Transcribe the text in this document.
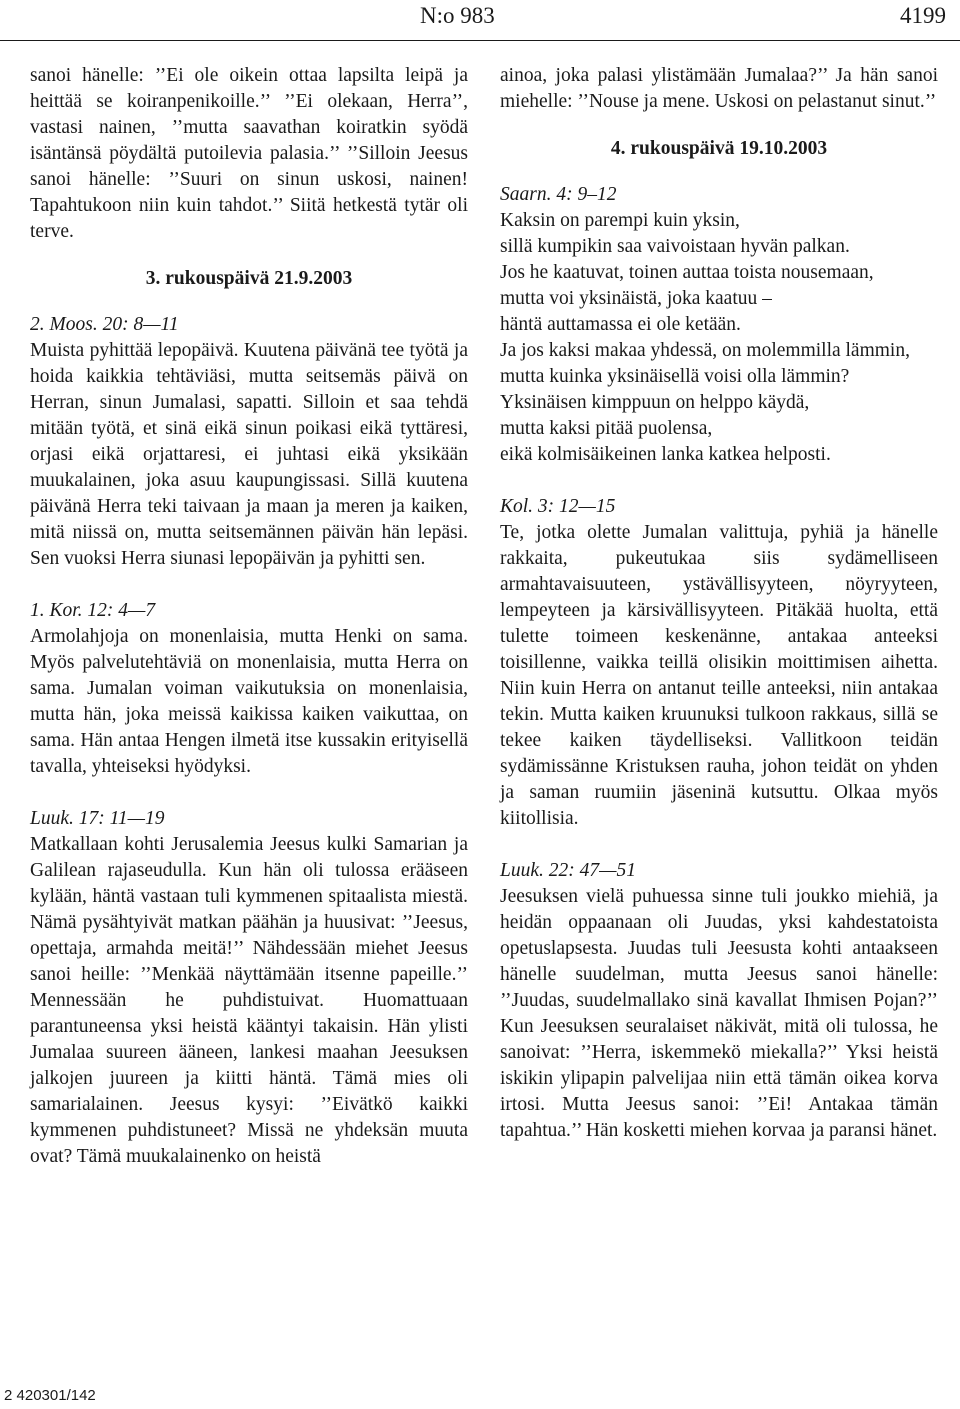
N:o 983	4199

sanoi hänelle: ’’Ei ole oikein ottaa lapsilta leipä ja heittää se koiranpenikoille.’’ ’’Ei olekaan, Herra’’, vastasi nainen, ’’mutta saavathan koiratkin syödä isäntänsä pöydältä putoilevia palasia.’’ ’’Silloin Jeesus sanoi hänelle: ’’Suuri on sinun uskosi, nainen! Tapahtukoon niin kuin tahdot.’’ Siitä hetkestä tytär oli terve.

3. rukouspäivä 21.9.2003

2. Moos. 20: 8—11

Muista pyhittää lepopäivä. Kuutena päivänä tee työtä ja hoida kaikkia tehtäviäsi, mutta seitsemäs päivä on Herran, sinun Jumalasi, sapatti. Silloin et saa tehdä mitään työtä, et sinä eikä sinun poikasi eikä tyttäresi, orjasi eikä orjattaresi, ei juhtasi eikä yksikään muukalainen, joka asuu kaupungissasi. Sillä kuutena päivänä Herra teki taivaan ja maan ja meren ja kaiken, mitä niissä on, mutta seitsemännen päivän hän lepäsi. Sen vuoksi Herra siunasi lepopäivän ja pyhitti sen.

1. Kor. 12: 4—7

Armolahjoja on monenlaisia, mutta Henki on sama. Myös palvelutehtäviä on monenlaisia, mutta Herra on sama. Jumalan voiman vaikutuksia on monenlaisia, mutta hän, joka meissä kaikissa kaiken vaikuttaa, on sama. Hän antaa Hengen ilmetä itse kussakin erityisellä tavalla, yhteiseksi hyödyksi.

Luuk. 17: 11—19

Matkallaan kohti Jerusalemia Jeesus kulki Samarian ja Galilean rajaseudulla. Kun hän oli tulossa erääseen kylään, häntä vastaan tuli kymmenen spitaalista miestä. Nämä pysähtyivät matkan päähän ja huusivat: ’’Jeesus, opettaja, armahda meitä!’’ Nähdessään miehet Jeesus sanoi heille: ’’Menkää näyttämään itsenne papeille.’’ Mennessään he puhdistuivat. Huomattuaan parantuneensa yksi heistä kääntyi takaisin. Hän ylisti Jumalaa suureen ääneen, lankesi maahan Jeesuksen jalkojen juureen ja kiitti häntä. Tämä mies oli samarialainen. Jeesus kysyi: ’’Eivätkö kaikki kymmenen puhdistuneet? Missä ne yhdeksän muuta ovat? Tämä muukalainenko on heistä

ainoa, joka palasi ylistämään Jumalaa?’’ Ja hän sanoi miehelle: ’’Nouse ja mene. Uskosi on pelastanut sinut.’’

4. rukouspäivä 19.10.2003

Saarn. 4: 9–12

Kaksin on parempi kuin yksin,

sillä kumpikin saa vaivoistaan hyvän palkan.

Jos he kaatuvat, toinen auttaa toista nousemaan,

mutta voi yksinäistä, joka kaatuu –

häntä auttamassa ei ole ketään.

Ja jos kaksi makaa yhdessä, on molemmilla lämmin,

mutta kuinka yksinäisellä voisi olla lämmin?

Yksinäisen kimppuun on helppo käydä,

mutta kaksi pitää puolensa,

eikä kolmisäikeinen lanka katkea helposti.

Kol. 3: 12—15

Te, jotka olette Jumalan valittuja, pyhiä ja hänelle rakkaita, pukeutukaa siis sydämelliseen armahtavaisuuteen, ystävällisyyteen, nöyryyteen, lempeyteen ja kärsivällisyyteen. Pitäkää huolta, että tulette toimeen keskenänne, antakaa anteeksi toisillenne, vaikka teillä olisikin moittimisen aihetta. Niin kuin Herra on antanut teille anteeksi, niin antakaa tekin. Mutta kaiken kruunuksi tulkoon rakkaus, sillä se tekee kaiken täydelliseksi. Vallitkoon teidän sydämissänne Kristuksen rauha, johon teidät on yhden ja saman ruumiin jäseninä kutsuttu. Olkaa myös kiitollisia.

Luuk. 22: 47—51

Jeesuksen vielä puhuessa sinne tuli joukko miehiä, ja heidän oppaanaan oli Juudas, yksi kahdestatoista opetuslapsesta. Juudas tuli Jeesusta kohti antaakseen hänelle suudelman, mutta Jeesus sanoi hänelle: ’’Juudas, suudelmallako sinä kavallat Ihmisen Pojan?’’ Kun Jeesuksen seuralaiset näkivät, mitä oli tulossa, he sanoivat: ’’Herra, iskemmekö miekalla?’’ Yksi heistä iskikin ylipapin palvelijaa niin että tämän oikea korva irtosi. Mutta Jeesus sanoi: ’’Ei! Antakaa tämän tapahtua.’’ Hän kosketti miehen korvaa ja paransi hänet.

2 420301/142
